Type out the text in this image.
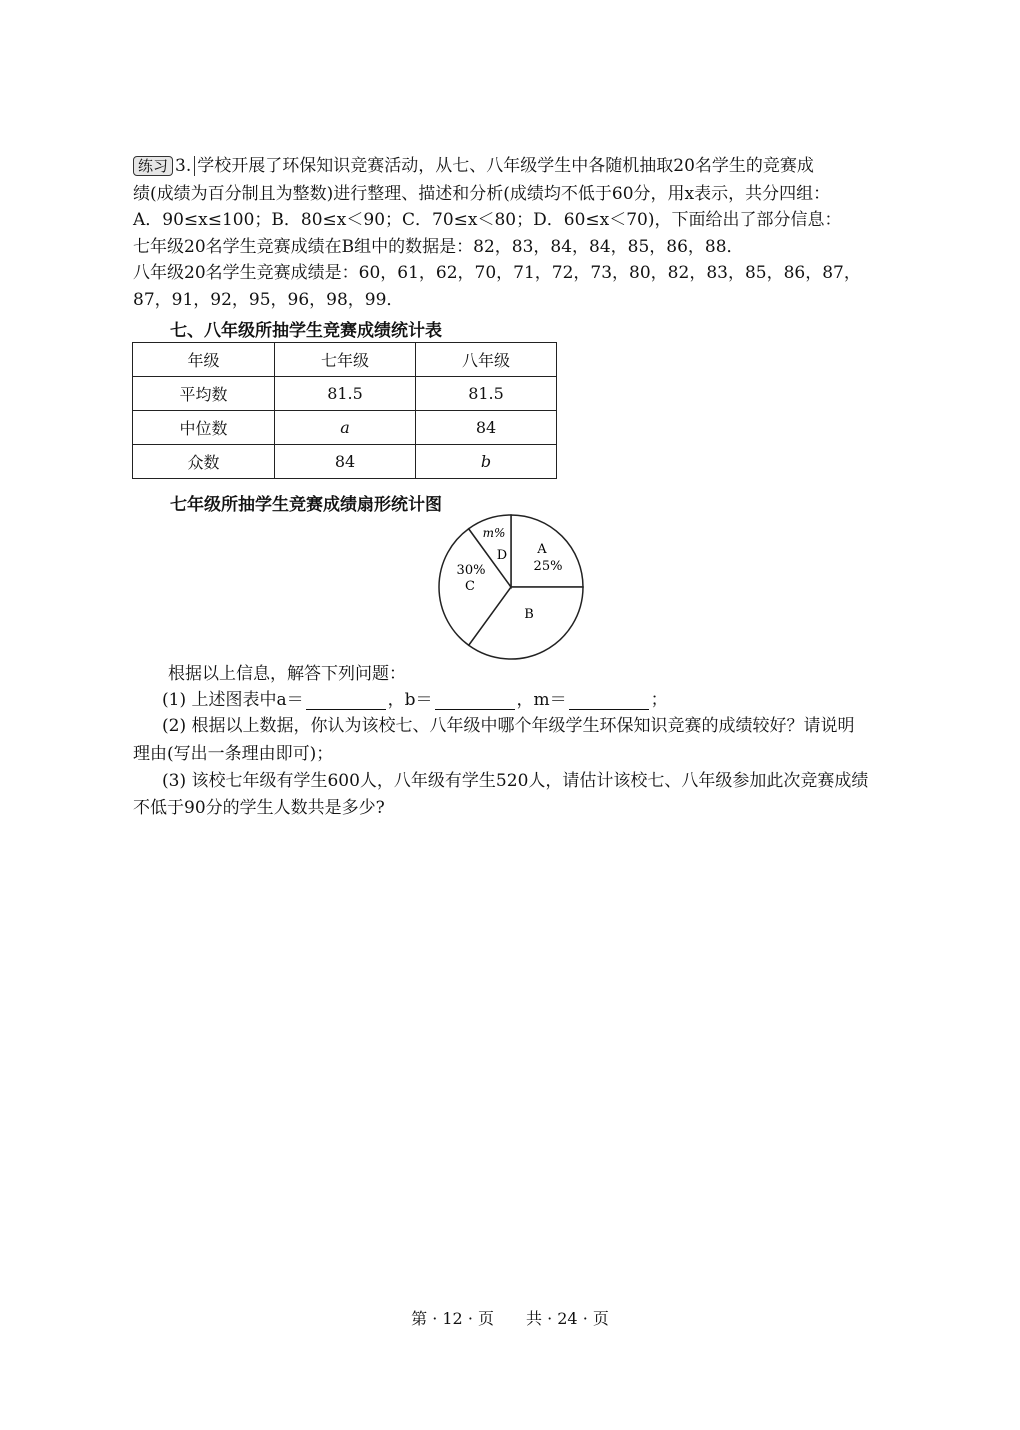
练习 3. 学校开展了环保知识竞赛活动，从七、八年级学生中各随机抽取20名学生的竞赛成
绩(成绩为百分制且为整数)进行整理、描述和分析(成绩均不低于60分，用x表示，共分四组：
A．90≤x≤100；B．80≤x＜90；C．70≤x＜80；D．60≤x＜70)，下面给出了部分信息：
七年级20名学生竞赛成绩在B组中的数据是：82，83，84，84，85，86，88．
八年级20名学生竞赛成绩是：60，61，62，70，71，72，73，80，82，83，85，86，87，
87，91，92，95，96，98，99．
七、八年级所抽学生竞赛成绩统计表
年级	七年级	八年级
平均数	81.5	81.5
中位数	a	84
众数	84	b
七年级所抽学生竞赛成绩扇形统计图
A
25%
B
30%
C
m%
D
根据以上信息，解答下列问题：
(1) 上述图表中a＝	，b＝	，m＝	；
(2) 根据以上数据，你认为该校七、八年级中哪个年级学生环保知识竞赛的成绩较好？请说明
理由(写出一条理由即可)；
(3) 该校七年级有学生600人，八年级有学生520人，请估计该校七、八年级参加此次竞赛成绩
不低于90分的学生人数共是多少?
第 · 12 · 页　　共 · 24 · 页
